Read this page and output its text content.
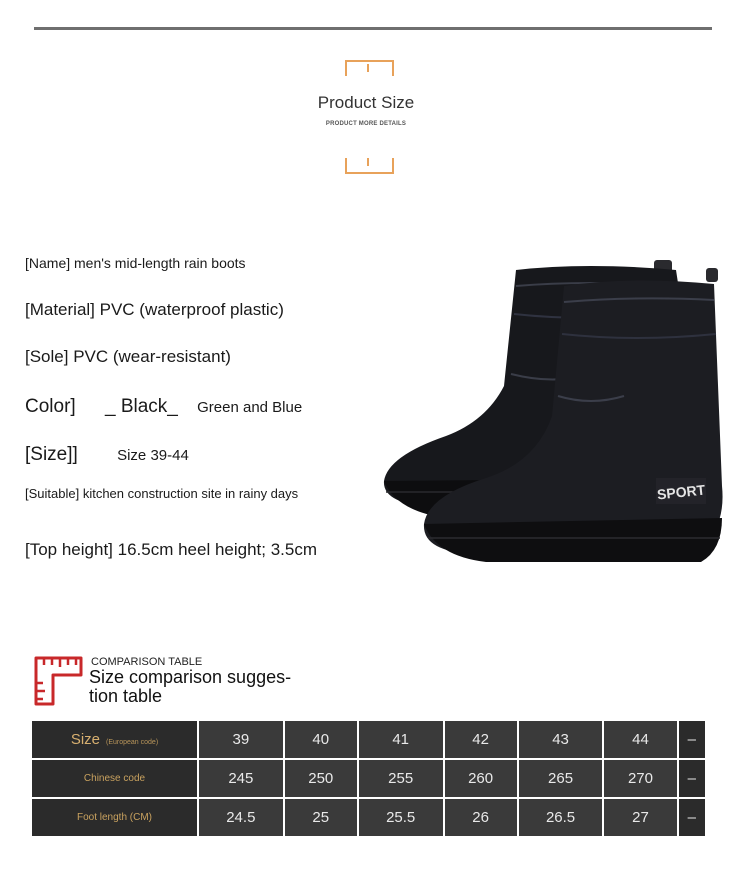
Product Size
PRODUCT MORE DETAILS
[Name] men's mid-length rain boots
[Material] PVC (waterproof plastic)
[Sole] PVC (wear-resistant)
Color] _ Black_ Green and Blue
[Size]]	Size 39-44
[Suitable] kitchen construction site in rainy days
[Top height] 16.5cm heel height; 3.5cm
SPORT
COMPARISON TABLE
Size comparison sugges-
tion table
Size (European code)	39	40	41	42	43	44	–
Chinese code	245	250	255	260	265	270	–
Foot length (CM)	24.5	25	25.5	26	26.5	27	–
